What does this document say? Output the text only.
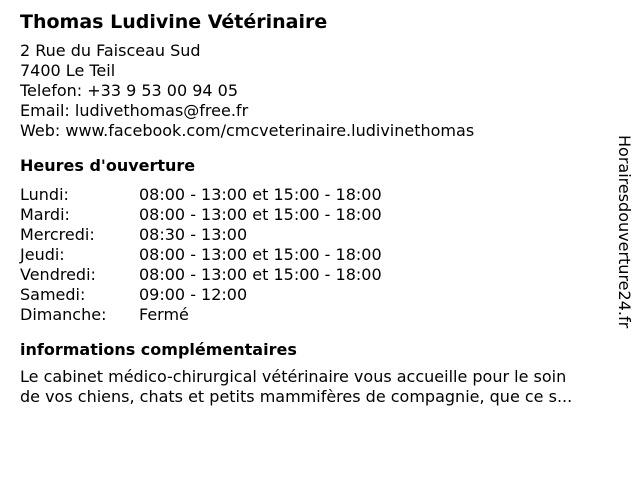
Thomas Ludivine Vétérinaire
2 Rue du Faisceau Sud
7400 Le Teil
Telefon: +33 9 53 00 94 05
Email: ludivethomas@free.fr
Web: www.facebook.com/cmcveterinaire.ludivinethomas
Heures d'ouverture
Lundi:	08:00 - 13:00 et 15:00 - 18:00
Mardi:	08:00 - 13:00 et 15:00 - 18:00
Mercredi:	08:30 - 13:00
Jeudi:	08:00 - 13:00 et 15:00 - 18:00
Vendredi:	08:00 - 13:00 et 15:00 - 18:00
Samedi:	09:00 - 12:00
Dimanche:	Fermé
informations complémentaires
Le cabinet médico-chirurgical vétérinaire vous accueille pour le soin
de vos chiens, chats et petits mammifères de compagnie, que ce s...
Horairesdouverture24.fr
